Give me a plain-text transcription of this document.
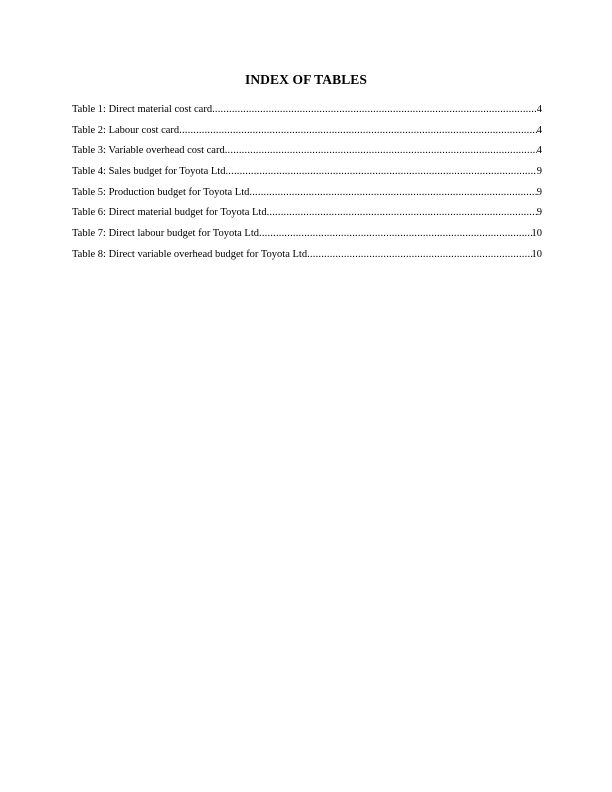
INDEX OF TABLES
Table 1: Direct material cost card .....	4
Table 2: Labour cost card .....	4
Table 3: Variable overhead cost card .....	4
Table 4: Sales budget for Toyota Ltd .....	9
Table 5: Production budget for Toyota Ltd .....	9
Table 6: Direct material budget for Toyota Ltd .....	9
Table 7: Direct labour budget for Toyota Ltd .....	10
Table 8: Direct variable overhead budget for Toyota Ltd .....	10
